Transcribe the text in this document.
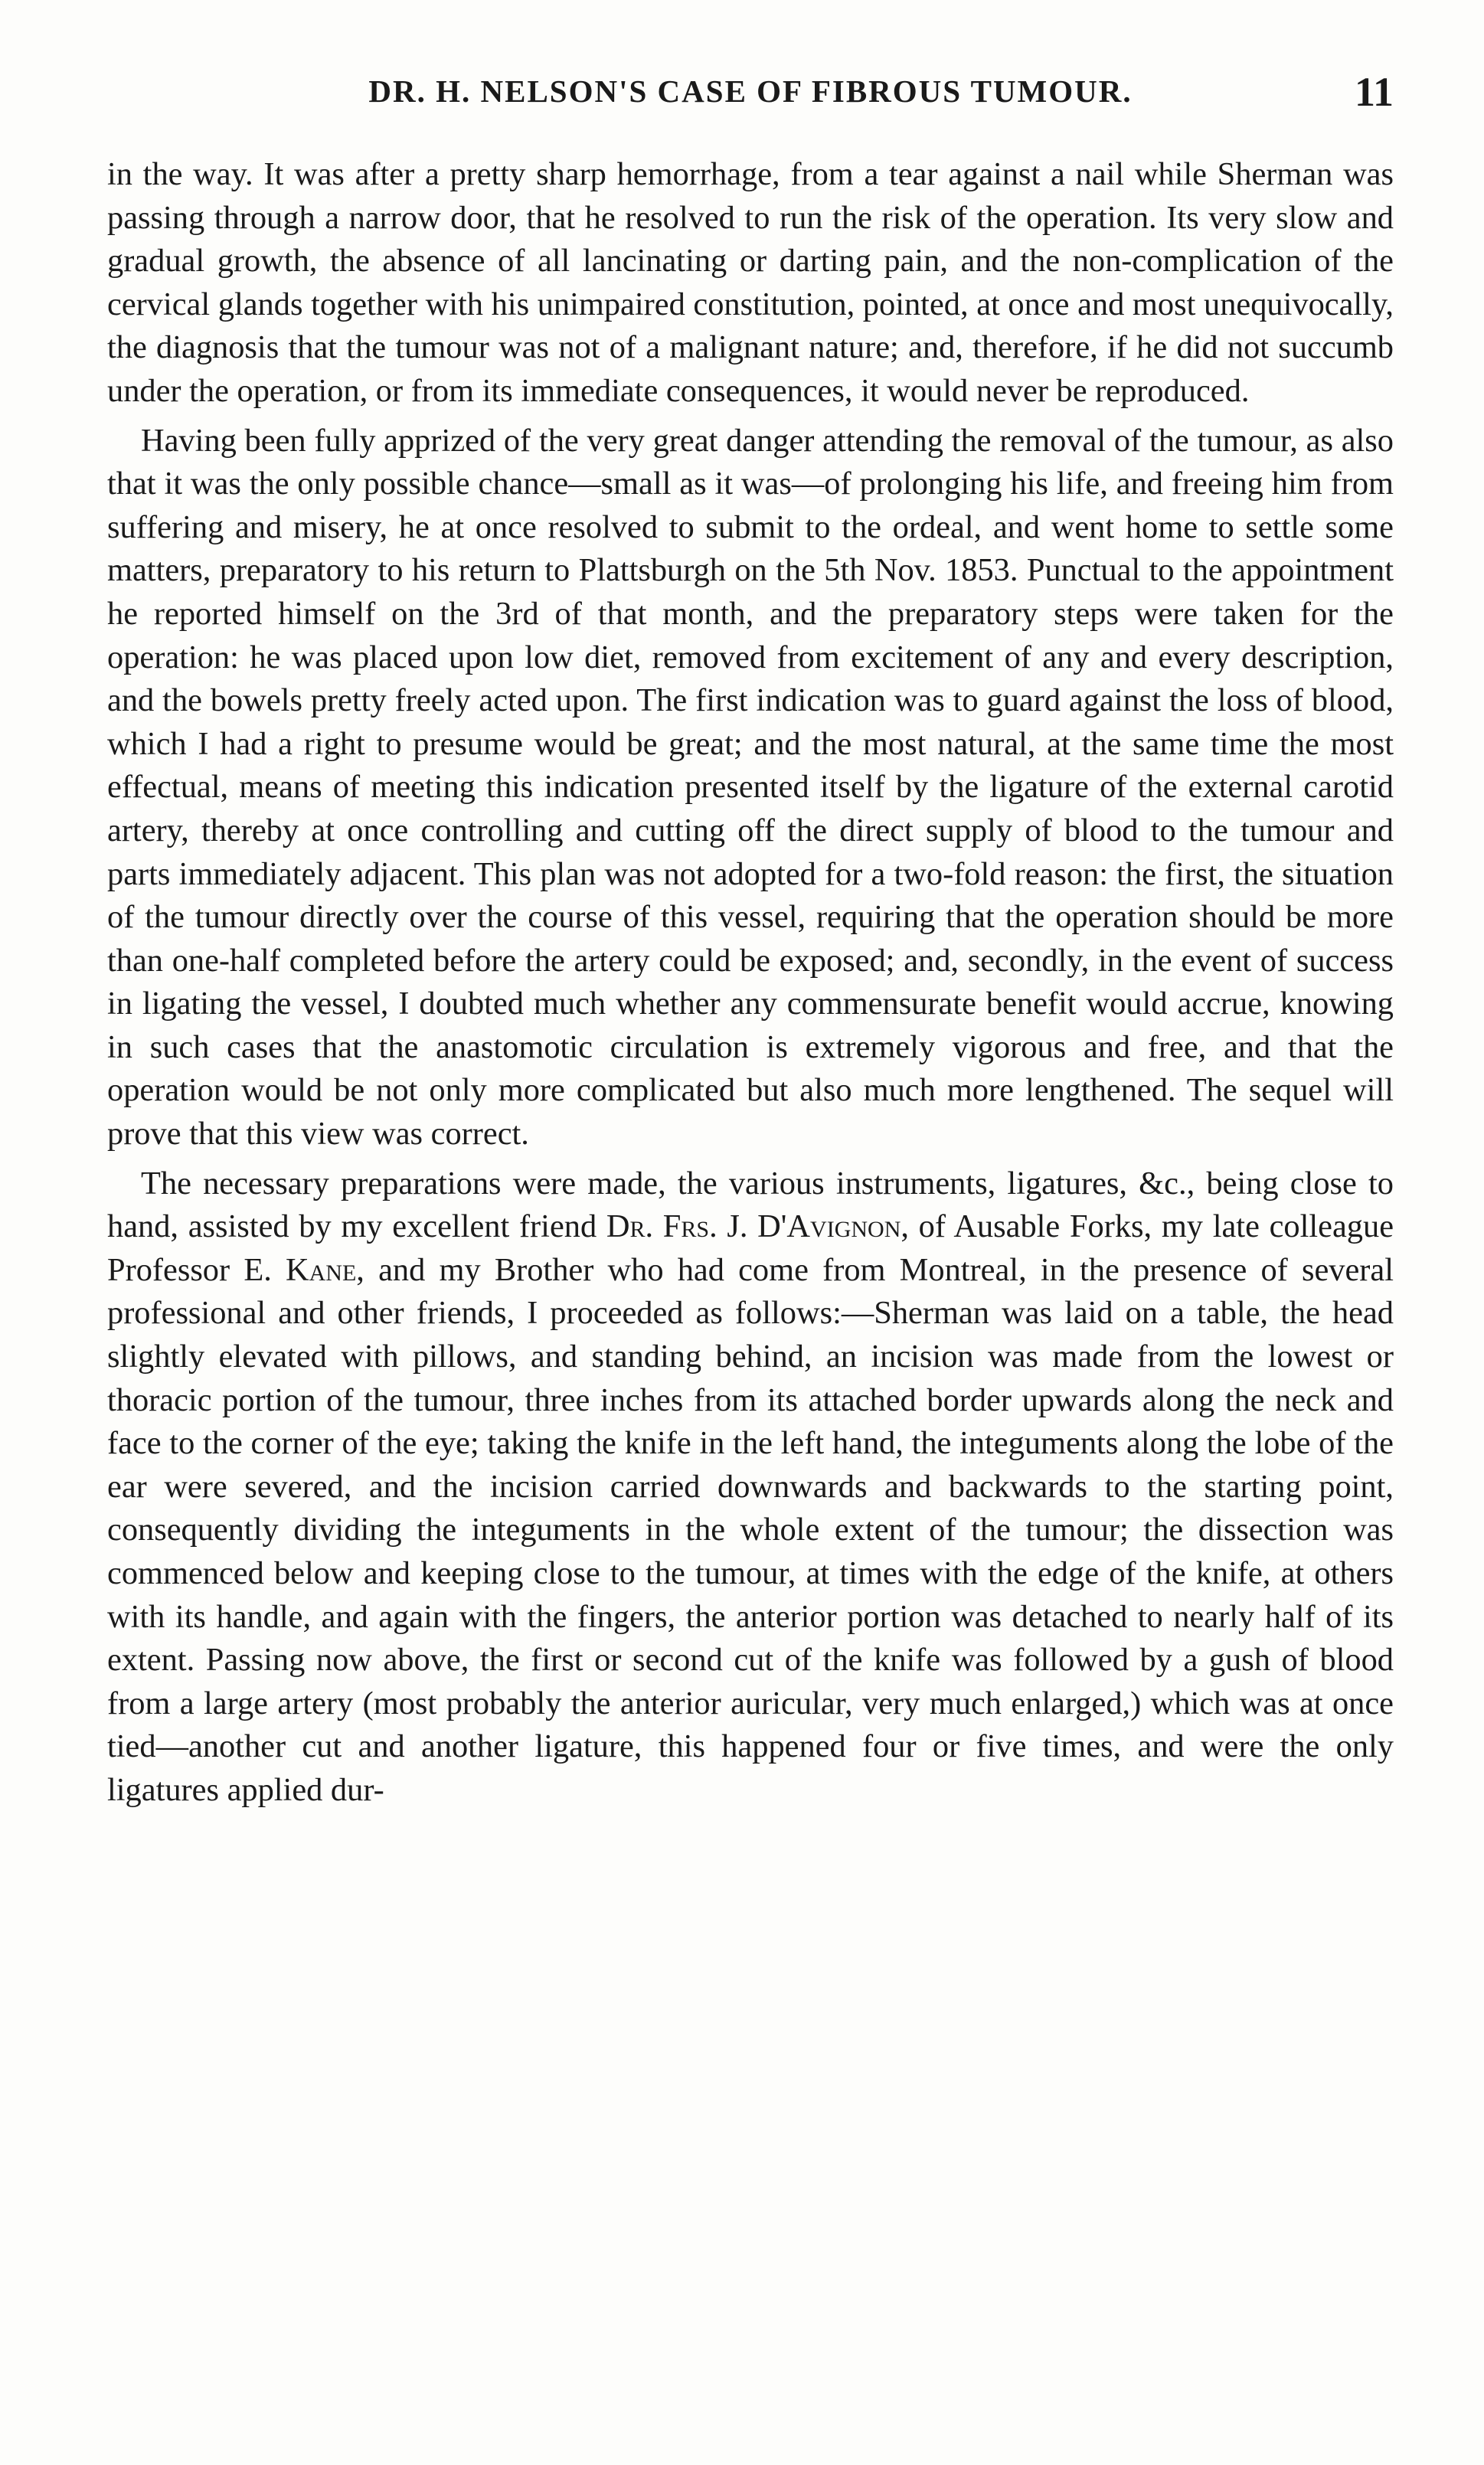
DR. H. NELSON'S CASE OF FIBROUS TUMOUR.	11

in the way. It was after a pretty sharp hemorrhage, from a tear against a nail while Sherman was passing through a narrow door, that he resolved to run the risk of the operation. Its very slow and gradual growth, the absence of all lancinating or darting pain, and the non-complication of the cervical glands together with his unimpaired constitution, pointed, at once and most unequivocally, the diagnosis that the tumour was not of a malignant nature; and, therefore, if he did not succumb under the operation, or from its immediate consequences, it would never be reproduced.

Having been fully apprized of the very great danger attending the removal of the tumour, as also that it was the only possible chance—small as it was—of prolonging his life, and freeing him from suffering and misery, he at once resolved to submit to the ordeal, and went home to settle some matters, preparatory to his return to Plattsburgh on the 5th Nov. 1853. Punctual to the appointment he reported himself on the 3rd of that month, and the preparatory steps were taken for the operation: he was placed upon low diet, removed from excitement of any and every description, and the bowels pretty freely acted upon. The first indication was to guard against the loss of blood, which I had a right to presume would be great; and the most natural, at the same time the most effectual, means of meeting this indication presented itself by the ligature of the external carotid artery, thereby at once controlling and cutting off the direct supply of blood to the tumour and parts immediately adjacent. This plan was not adopted for a two-fold reason: the first, the situation of the tumour directly over the course of this vessel, requiring that the operation should be more than one-half completed before the artery could be exposed; and, secondly, in the event of success in ligating the vessel, I doubted much whether any commensurate benefit would accrue, knowing in such cases that the anastomotic circulation is extremely vigorous and free, and that the operation would be not only more complicated but also much more lengthened. The sequel will prove that this view was correct.

The necessary preparations were made, the various instruments, ligatures, &c., being close to hand, assisted by my excellent friend Dr. Frs. J. D'Avignon, of Ausable Forks, my late colleague Professor E. Kane, and my Brother who had come from Montreal, in the presence of several professional and other friends, I proceeded as follows:—Sherman was laid on a table, the head slightly elevated with pillows, and standing behind, an incision was made from the lowest or thoracic portion of the tumour, three inches from its attached border upwards along the neck and face to the corner of the eye; taking the knife in the left hand, the integuments along the lobe of the ear were severed, and the incision carried downwards and backwards to the starting point, consequently dividing the integuments in the whole extent of the tumour; the dissection was commenced below and keeping close to the tumour, at times with the edge of the knife, at others with its handle, and again with the fingers, the anterior portion was detached to nearly half of its extent. Passing now above, the first or second cut of the knife was followed by a gush of blood from a large artery (most probably the anterior auricular, very much enlarged,) which was at once tied—another cut and another ligature, this happened four or five times, and were the only ligatures applied dur-
